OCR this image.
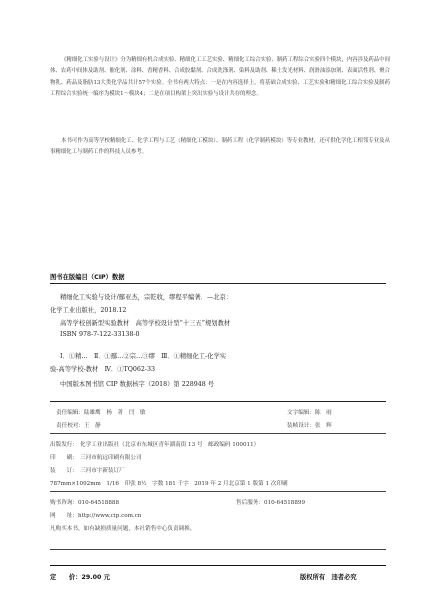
《精细化工实验与设计》分为精细有机合成实验、精细化工工艺实验、精细化工综合实验、制药工程综合实验四个模块，内容涉及药品中间体、农药中间体及助剂、催化剂、涂料、香精香料、合成胶黏剂、合成洗涤剂、染料及助剂、稀土发光材料、润滑油添加剂、表面活性剂、聚合物乳、药品及脂肪13大类化学品共计57个实验。全书有两大特点：一是在内容选择上，将基础合成实验、工艺实验和精细化工综合实验及制药工程综合实验统一编序为模块1～模块4；二是在项目构架上突出实验与设计共存的理念。

本书可作为高等学校精细化工、化学工程与工艺（精细化工模块）、制药工程（化学制药模块）等专业教材，还可供化学化工相邻专业及从事精细化工与制药工作的科技人员参考。

图书在版编目（CIP）数据
精细化工实验与设计/鄢亚杰，宗乾收，缪程平编著．—北京：
化学工业出版社，2018.12
高等学校创新型实验教材　高等学校设计型“十三五”规划教材
ISBN 978-7-122-33138-0
Ⅰ．①精…　Ⅱ．①鄢…②宗…③缪　Ⅲ．①精细化工-化学实
验-高等学校-教材　Ⅳ．①TQ062-33
中国版本图书馆 CIP 数据核字（2018）第 228948 号
责任编辑：陆雄鹰　杨　菁　闫　敏
责任校对：王　静
文字编辑：陈　雨
装帧设计：张　辉
出版发行： 化学工业出版社（北京市东城区青年湖南街 13 号　邮政编码 100011）
印　　刷： 三河市航远印刷有限公司
装　　订： 三河市宇新装订厂
787mm×1092mm　1/16　印张 8½　字数 181 千字　2019 年 2 月北京第 1 版第 1 次印刷
购书咨询：010-64518888	售后服务：010-64518899
网　　址：http://www.cip.com.cn
凡购买本书，如有缺损质量问题，本社销售中心负责调换。
定　　价：29.00 元	版权所有　违者必究
